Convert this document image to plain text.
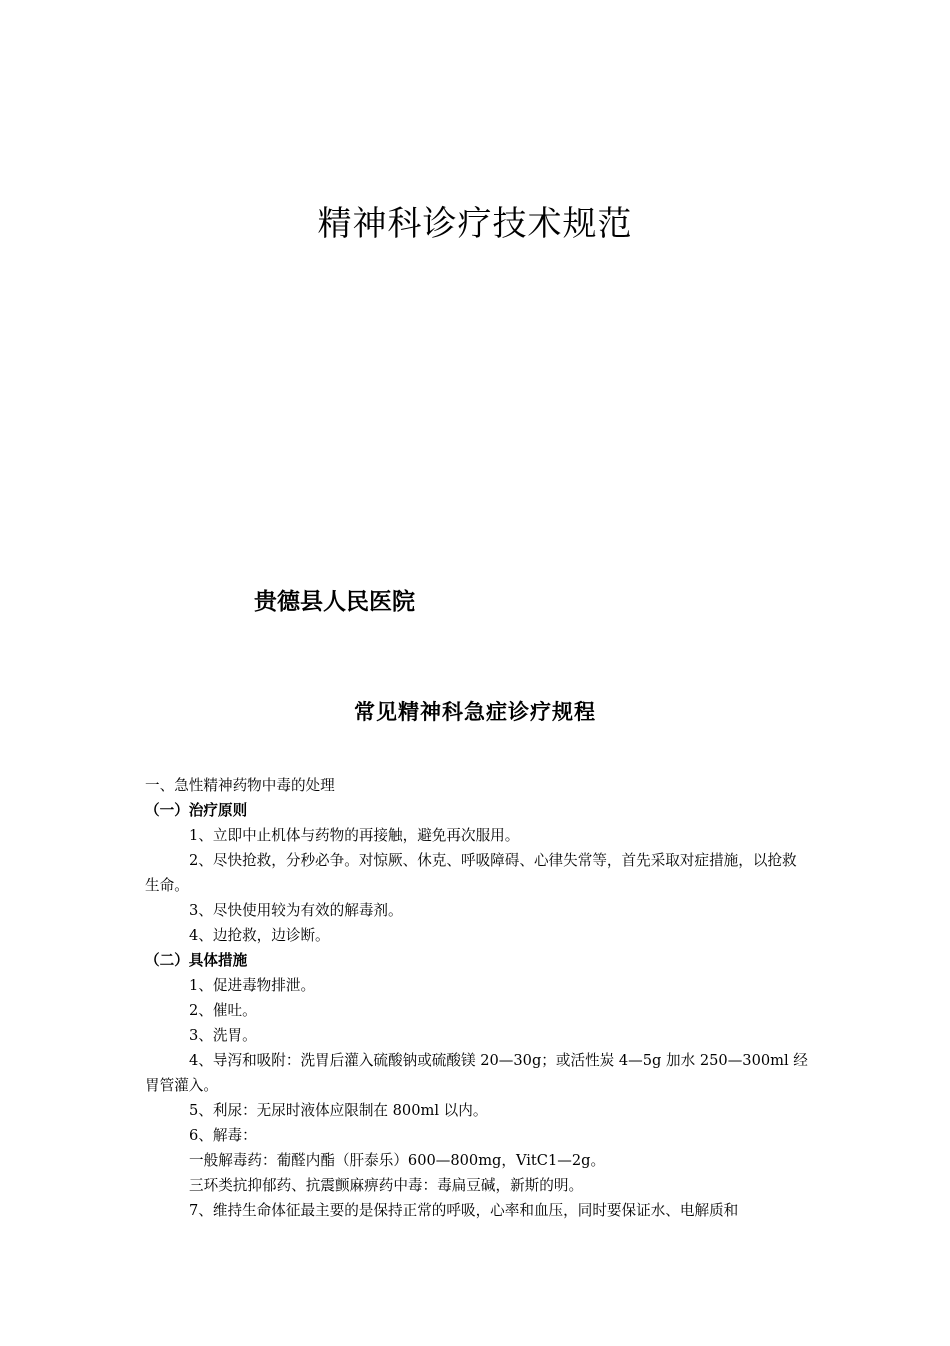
精神科诊疗技术规范
贵德县人民医院
常见精神科急症诊疗规程

一、急性精神药物中毒的处理

（一）治疗原则

1、立即中止机体与药物的再接触，避免再次服用。

2、尽快抢救，分秒必争。对惊厥、休克、呼吸障碍、心律失常等，首先采取对症措施，以抢救生命。

3、尽快使用较为有效的解毒剂。

4、边抢救，边诊断。

（二）具体措施

1、促进毒物排泄。

2、催吐。

3、洗胃。

4、导泻和吸附：洗胃后灌入硫酸钠或硫酸镁 20—30g；或活性炭 4—5g 加水 250—300ml 经胃管灌入。

5、利尿：无尿时液体应限制在 800ml 以内。

6、解毒：

一般解毒药：葡醛内酯（肝泰乐）600—800mg，VitC1—2g。

三环类抗抑郁药、抗震颤麻痹药中毒：毒扁豆碱，新斯的明。

7、维持生命体征最主要的是保持正常的呼吸，心率和血压，同时要保证水、电解质和
